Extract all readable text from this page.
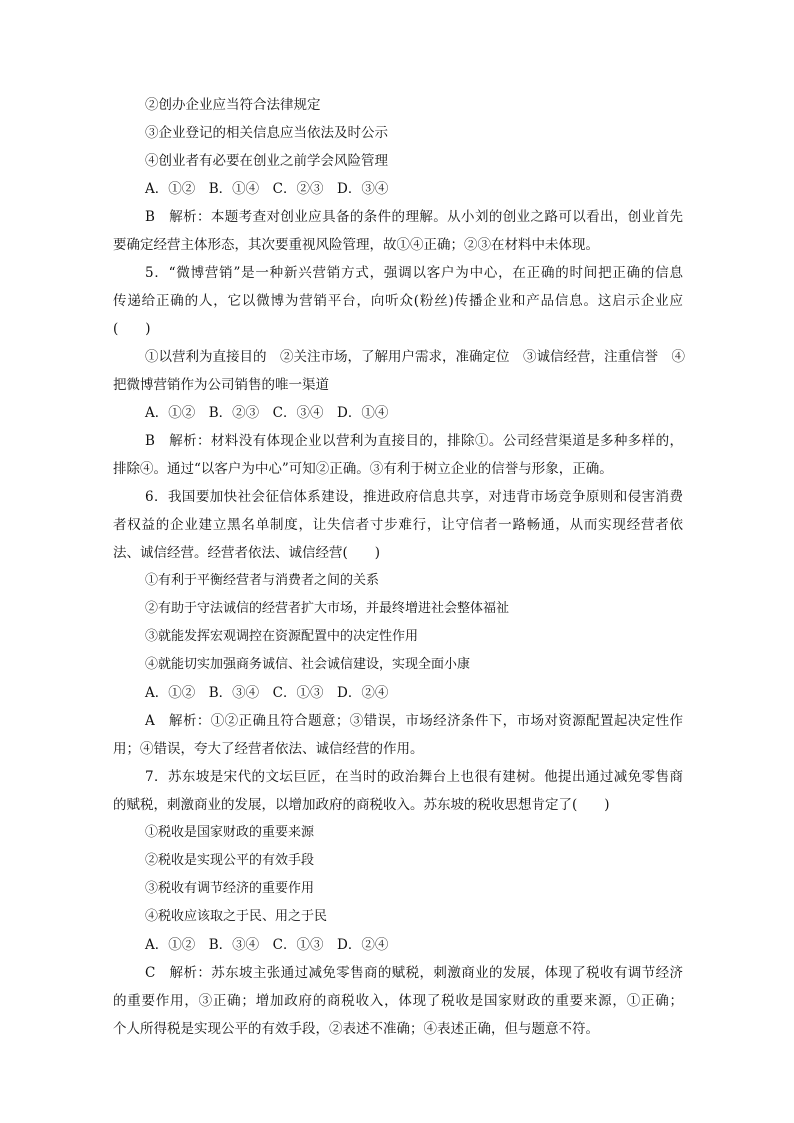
②创办企业应当符合法律规定
③企业登记的相关信息应当依法及时公示
④创业者有必要在创业之前学会风险管理
A．①②　B．①④　C．②③　D．③④
B　解析：本题考查对创业应具备的条件的理解。从小刘的创业之路可以看出，创业首先
要确定经营主体形态，其次要重视风险管理，故①④正确；②③在材料中未体现。
5．“微博营销”是一种新兴营销方式，强调以客户为中心，在正确的时间把正确的信息
传递给正确的人，它以微博为营销平台，向听众(粉丝)传播企业和产品信息。这启示企业应
(　　)
①以营利为直接目的　②关注市场，了解用户需求，准确定位　③诚信经营，注重信誉　④
把微博营销作为公司销售的唯一渠道
A．①②　B．②③　C．③④　D．①④
B　解析：材料没有体现企业以营利为直接目的，排除①。公司经营渠道是多种多样的，
排除④。通过“以客户为中心”可知②正确。③有利于树立企业的信誉与形象，正确。
6．我国要加快社会征信体系建设，推进政府信息共享，对违背市场竞争原则和侵害消费
者权益的企业建立黑名单制度，让失信者寸步难行，让守信者一路畅通，从而实现经营者依
法、诚信经营。经营者依法、诚信经营(　　)
①有利于平衡经营者与消费者之间的关系
②有助于守法诚信的经营者扩大市场，并最终增进社会整体福祉
③就能发挥宏观调控在资源配置中的决定性作用
④就能切实加强商务诚信、社会诚信建设，实现全面小康
A．①②　B．③④　C．①③　D．②④
A　解析：①②正确且符合题意；③错误，市场经济条件下，市场对资源配置起决定性作
用；④错误，夸大了经营者依法、诚信经营的作用。
7．苏东坡是宋代的文坛巨匠，在当时的政治舞台上也很有建树。他提出通过减免零售商
的赋税，刺激商业的发展，以增加政府的商税收入。苏东坡的税收思想肯定了(　　)
①税收是国家财政的重要来源
②税收是实现公平的有效手段
③税收有调节经济的重要作用
④税收应该取之于民、用之于民
A．①②　B．③④　C．①③　D．②④
C　解析：苏东坡主张通过减免零售商的赋税，刺激商业的发展，体现了税收有调节经济
的重要作用，③正确；增加政府的商税收入，体现了税收是国家财政的重要来源，①正确；
个人所得税是实现公平的有效手段，②表述不准确；④表述正确，但与题意不符。
